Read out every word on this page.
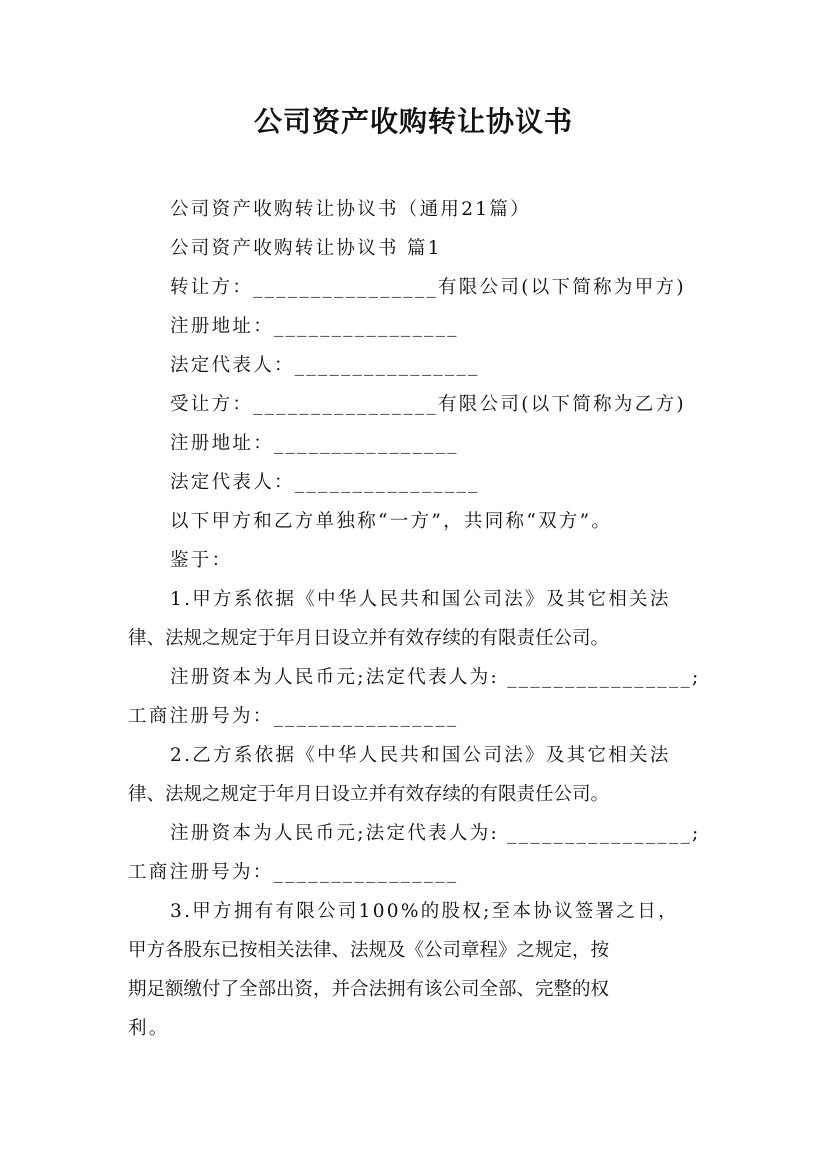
公司资产收购转让协议书
公司资产收购转让协议书（通用21篇）
公司资产收购转让协议书 篇1
转让方：________________有限公司(以下简称为甲方)
注册地址：________________
法定代表人：________________
受让方：________________有限公司(以下简称为乙方)
注册地址：________________
法定代表人：________________
以下甲方和乙方单独称“一方”，共同称“双方”。
鉴于：
1.甲方系依据《中华人民共和国公司法》及其它相关法
律、法规之规定于年月日设立并有效存续的有限责任公司。
注册资本为人民币元;法定代表人为: ________________;
工商注册号为：________________
2.乙方系依据《中华人民共和国公司法》及其它相关法
律、法规之规定于年月日设立并有效存续的有限责任公司。
注册资本为人民币元;法定代表人为: ________________;
工商注册号为：________________
3.甲方拥有有限公司100%的股权;至本协议签署之日，
甲方各股东已按相关法律、法规及《公司章程》之规定，按
期足额缴付了全部出资，并合法拥有该公司全部、完整的权
利。
